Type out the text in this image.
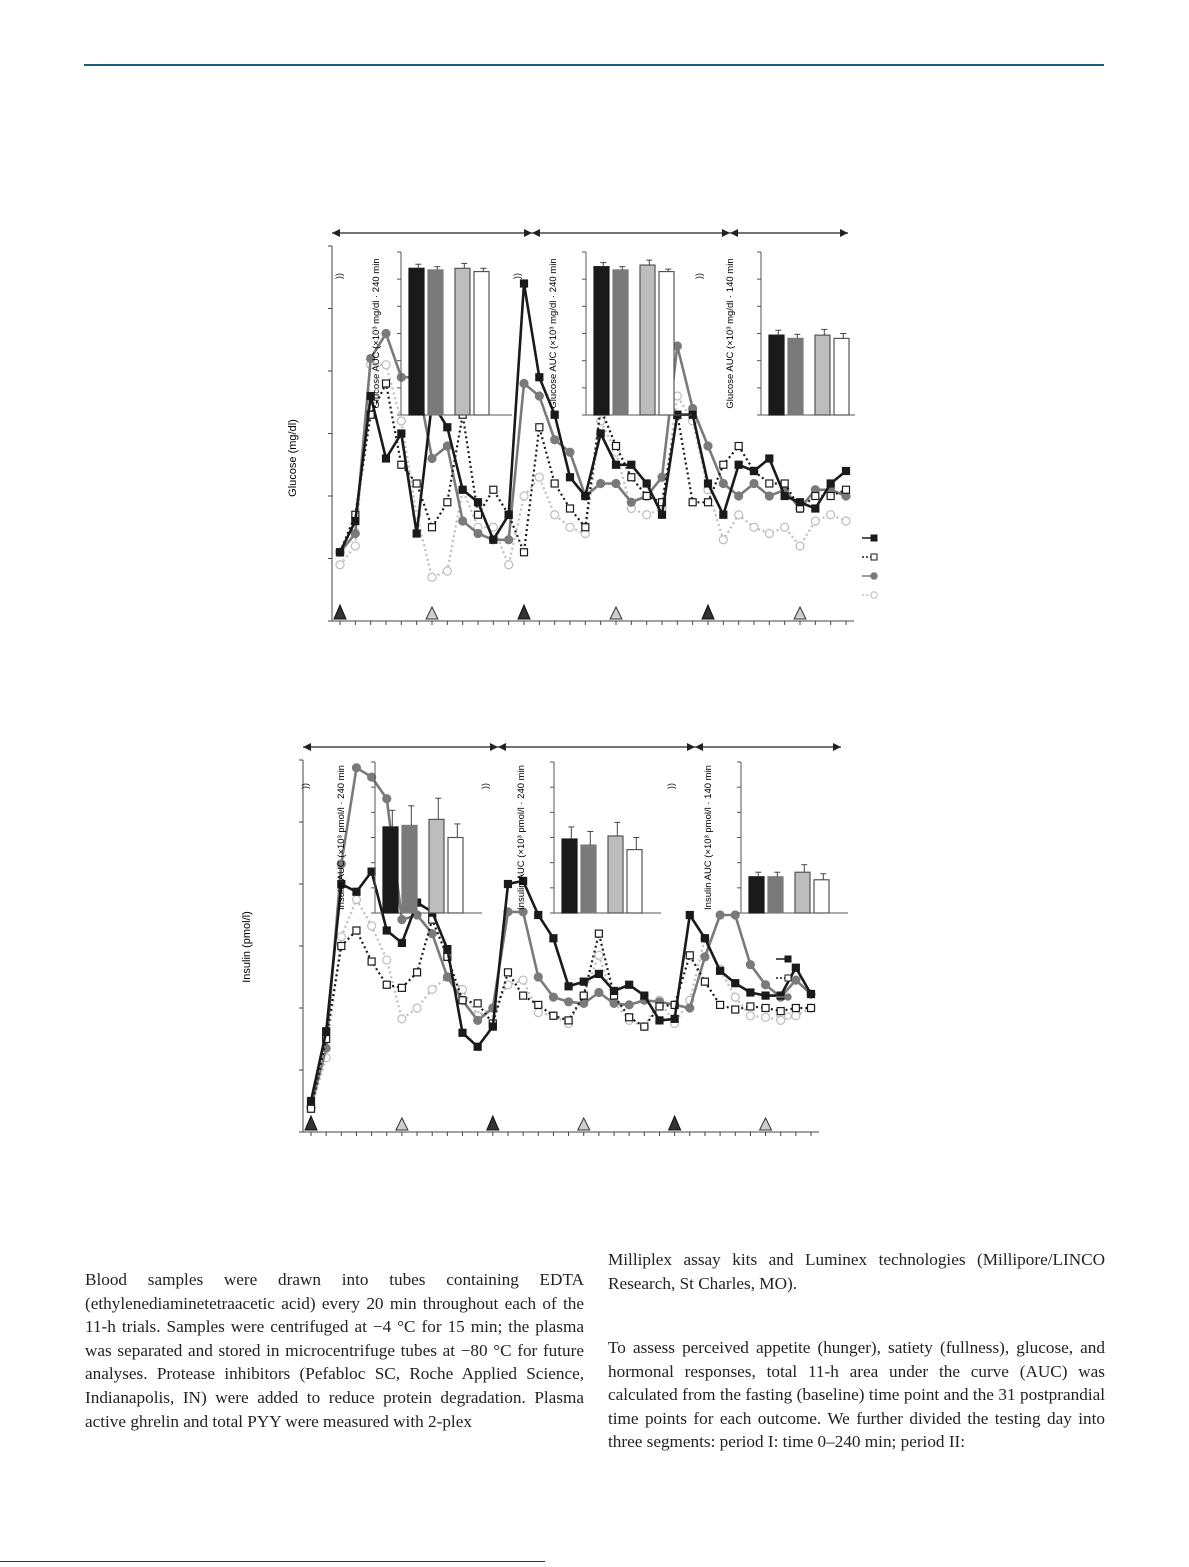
Glucose (mg/dl)
Glucose AUC (×10³ mg/dl · 240 min
))	Glucose AUC (×10³ mg/dl · 240 min
))	Glucose AUC (×10³ mg/dl · 140 min
))
Insulin (pmol/l)
Insulin AUC (×10³ pmol/l · 240 min
))	Insulin AUC (×10³ pmol/l · 240 min
))	Insulin AUC (×10³ pmol/l · 140 min
))

Blood samples were drawn into tubes containing EDTA (ethylenediaminetetraacetic acid) every 20 min throughout each of the 11-h trials. Samples were centrifuged at −4 °C for 15 min; the plasma was separated and stored in microcentrifuge tubes at −80 °C for future analyses. Protease inhibitors (Pefabloc SC, Roche Applied Science, Indianapolis, IN) were added to reduce protein degradation. Plasma active ghrelin and total PYY were measured with 2-plex

Milliplex assay kits and Luminex technologies (Millipore/LINCO Research, St Charles, MO).

To assess perceived appetite (hunger), satiety (fullness), glucose, and hormonal responses, total 11-h area under the curve (AUC) was calculated from the fasting (baseline) time point and the 31 postprandial time points for each outcome. We further divided the testing day into three segments: period I: time 0–240 min; period II:
